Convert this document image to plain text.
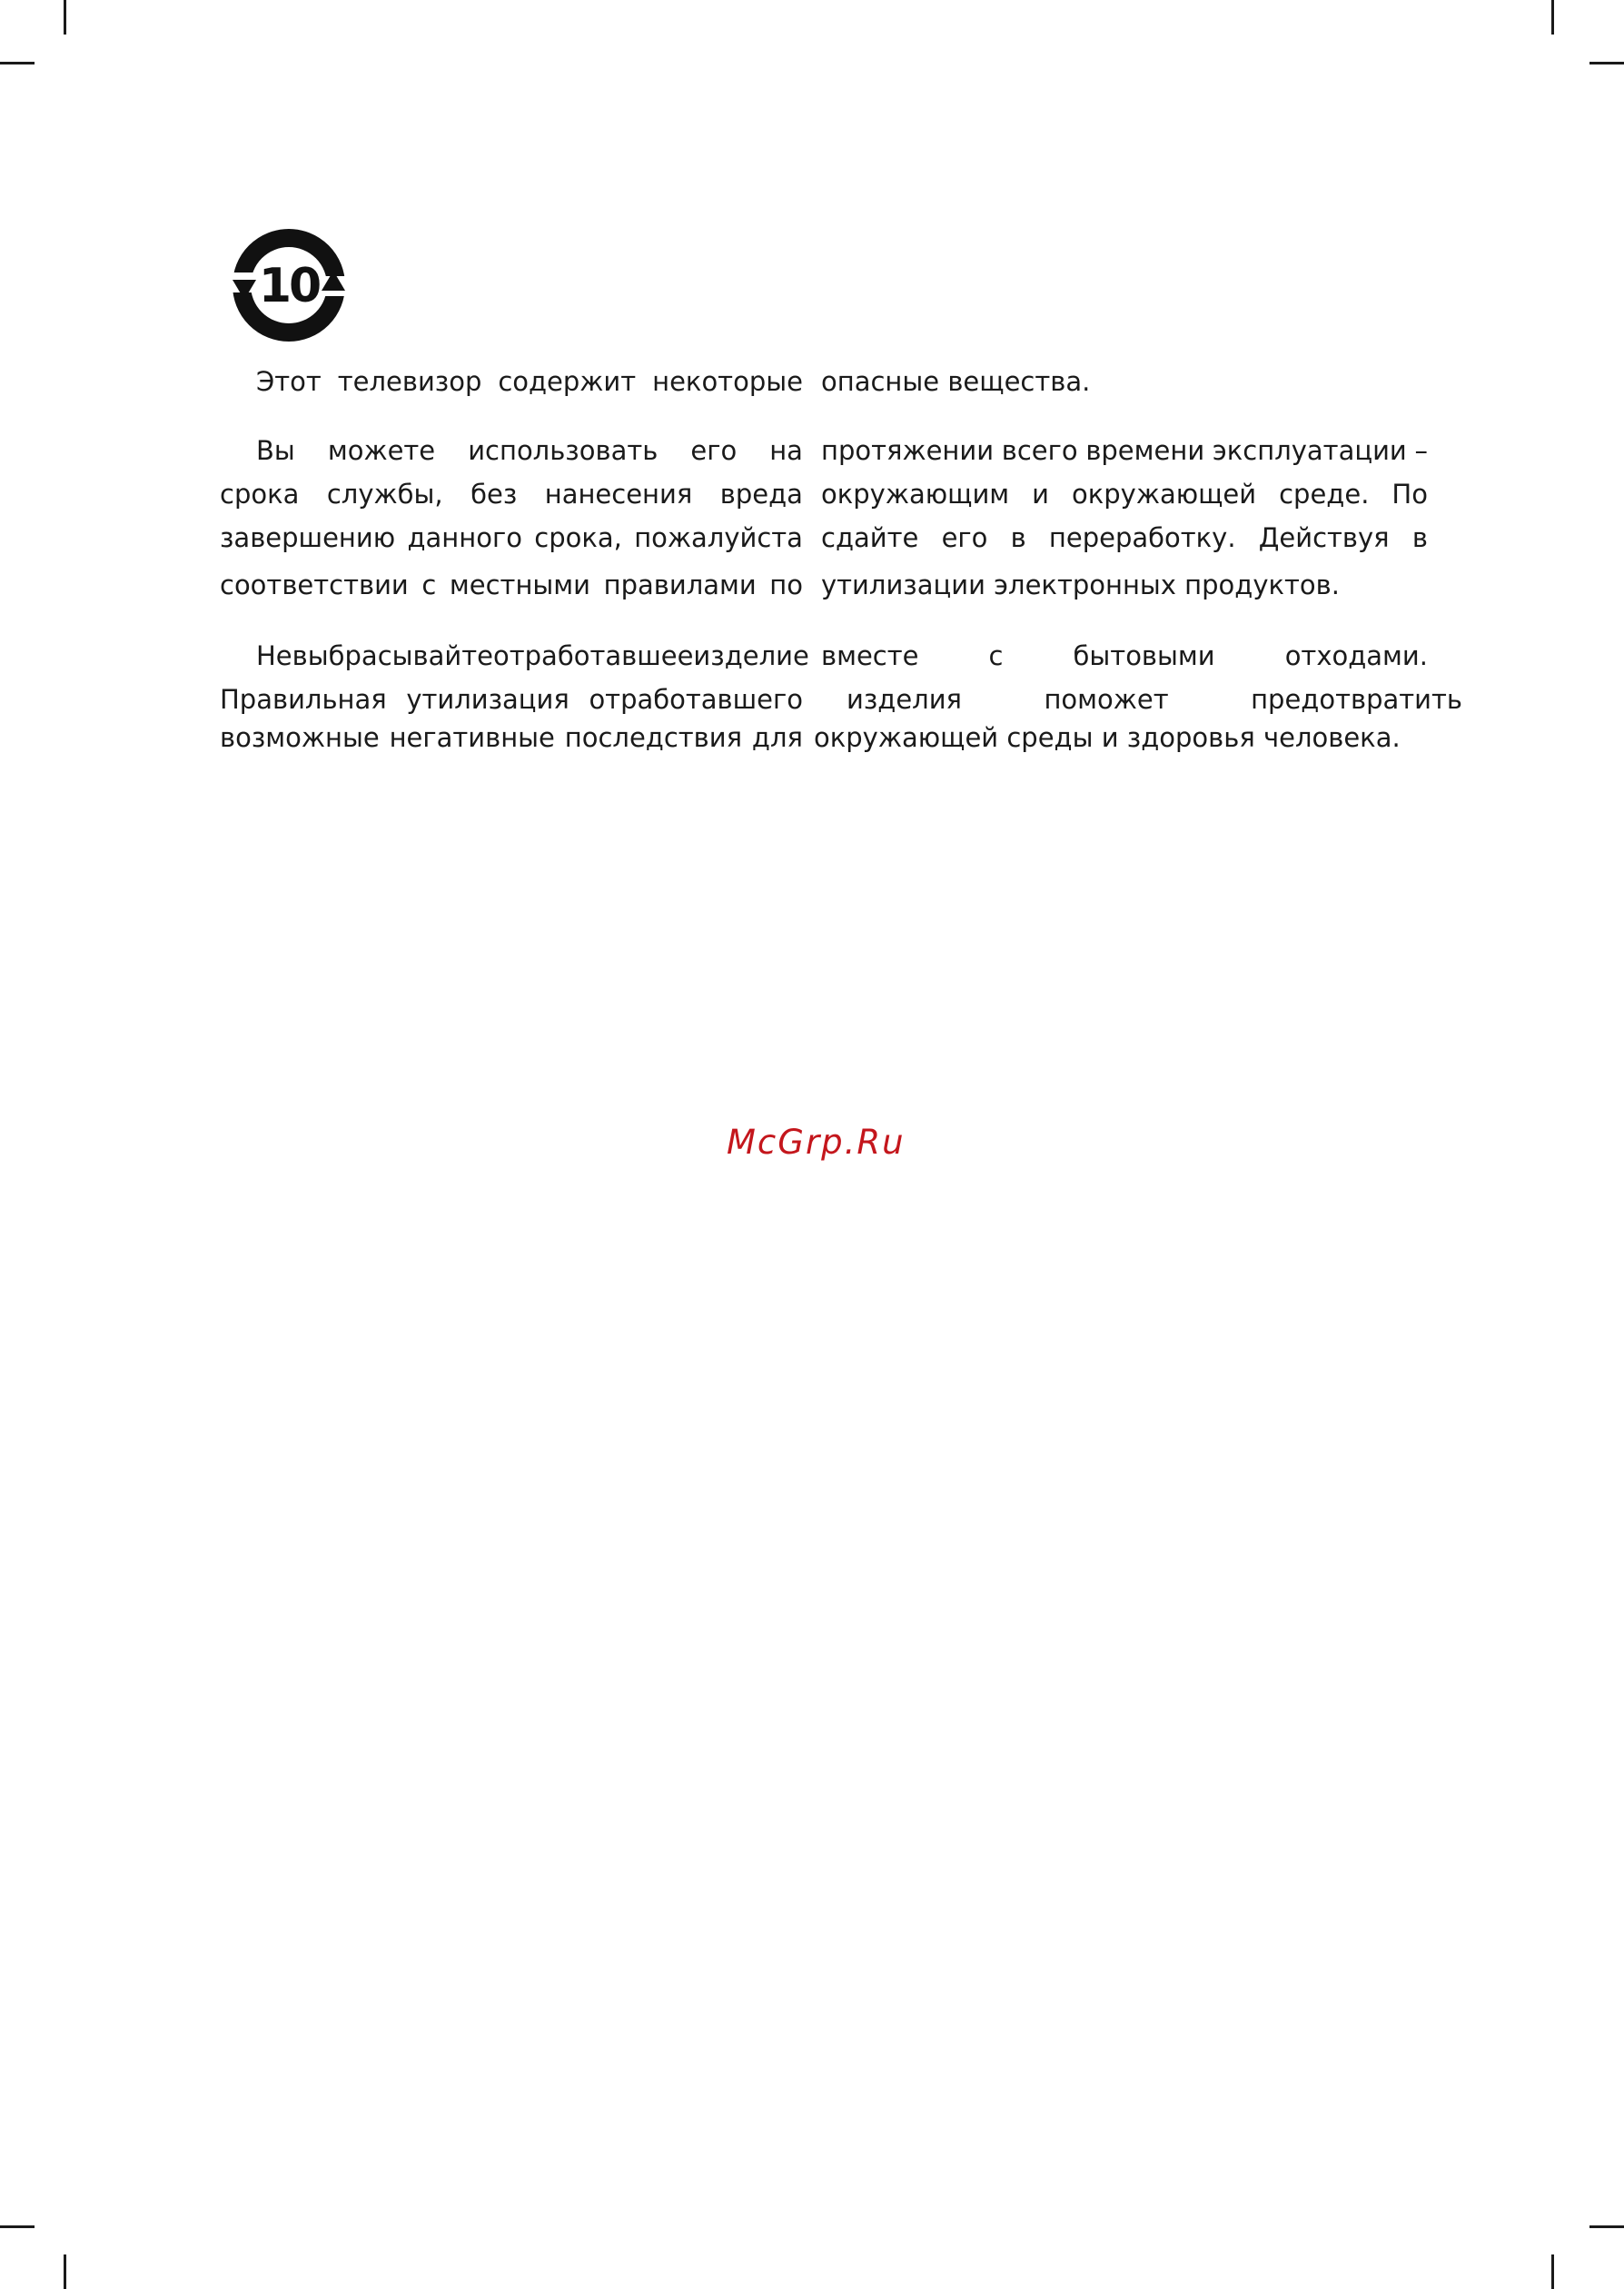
10
Этот телевизор содержит некоторые опасные вещества.
Вы можете использовать его на протяжении всего времени эксплуатации –
срока службы, без нанесения вреда окружающим и окружающей среде. По
завершению данного срока, пожалуйста сдайте его в переработку. Действуя в
соответствии с местными правилами по утилизации электронных продуктов.
Не выбрасывайте отработавшее изделие вместе	с	бытовыми	отходами.
Правильная утилизация отработавшего изделия	поможет	предотвратить
возможные негативные последствия для окружающей среды и здоровья человека.
McGrp.Ru
